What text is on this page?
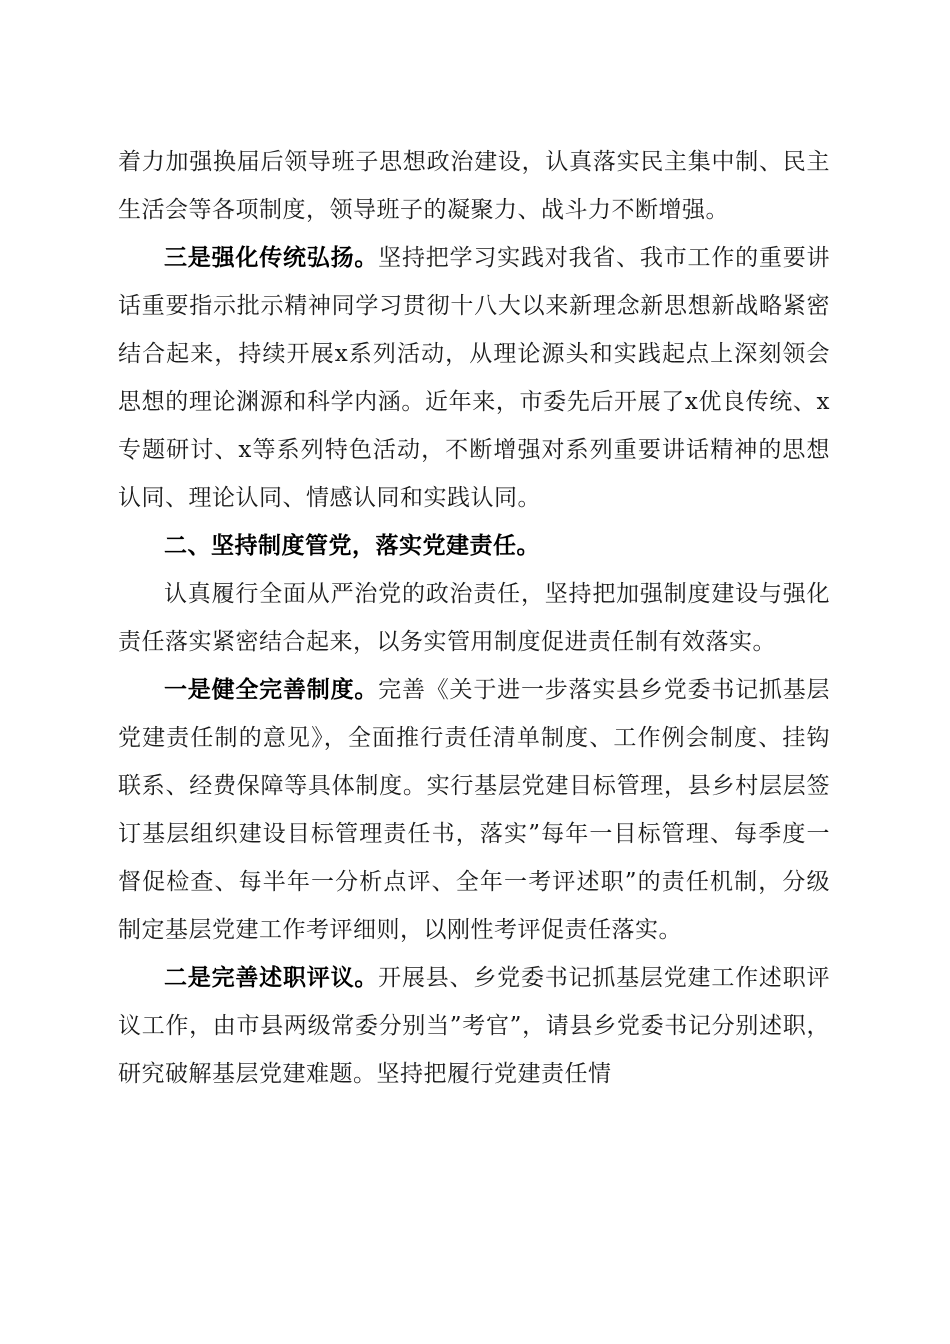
着力加强换届后领导班子思想政治建设，认真落实民主集中制、民主生活会等各项制度，领导班子的凝聚力、战斗力不断增强。

三是强化传统弘扬。坚持把学习实践对我省、我市工作的重要讲话重要指示批示精神同学习贯彻十八大以来新理念新思想新战略紧密结合起来，持续开展x系列活动，从理论源头和实践起点上深刻领会思想的理论渊源和科学内涵。近年来，市委先后开展了x优良传统、x专题研讨、x等系列特色活动，不断增强对系列重要讲话精神的思想认同、理论认同、情感认同和实践认同。

二、坚持制度管党，落实党建责任。

认真履行全面从严治党的政治责任，坚持把加强制度建设与强化责任落实紧密结合起来，以务实管用制度促进责任制有效落实。

一是健全完善制度。完善《关于进一步落实县乡党委书记抓基层党建责任制的意见》，全面推行责任清单制度、工作例会制度、挂钩联系、经费保障等具体制度。实行基层党建目标管理，县乡村层层签订基层组织建设目标管理责任书，落实”每年一目标管理、每季度一督促检查、每半年一分析点评、全年一考评述职”的责任机制，分级制定基层党建工作考评细则，以刚性考评促责任落实。

二是完善述职评议。开展县、乡党委书记抓基层党建工作述职评议工作，由市县两级常委分别当”考官”，请县乡党委书记分别述职，研究破解基层党建难题。坚持把履行党建责任情
